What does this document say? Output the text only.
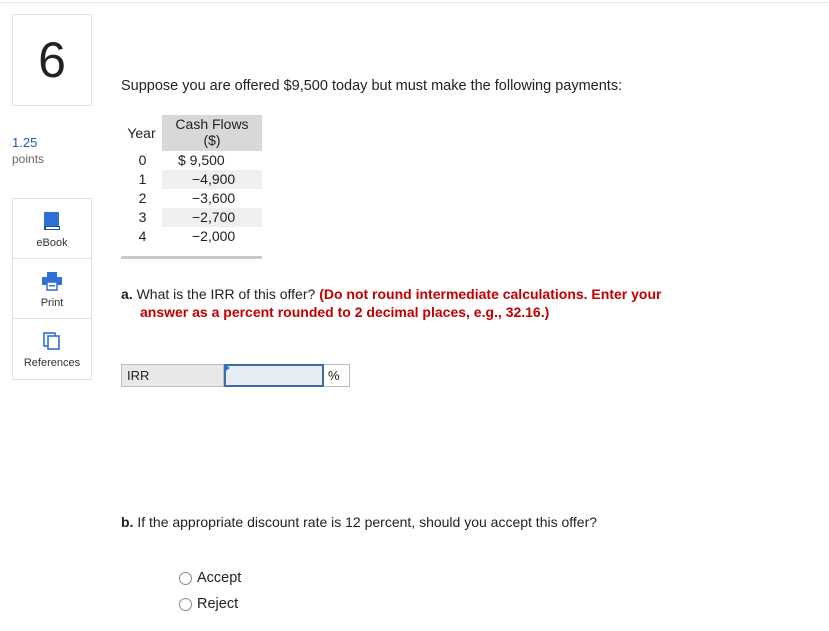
6
1.25
points
eBook
Print
References
Suppose you are offered $9,500 today but must make the following payments:
Year
Cash Flows
($)
0	$ 9,500
1	−4,900
2	−3,600
3	−2,700
4	−2,000
a. What is the IRR of this offer? (Do not round intermediate calculations. Enter your
answer as a percent rounded to 2 decimal places, e.g., 32.16.)
IRR	%
b. If the appropriate discount rate is 12 percent, should you accept this offer?
Accept
Reject
